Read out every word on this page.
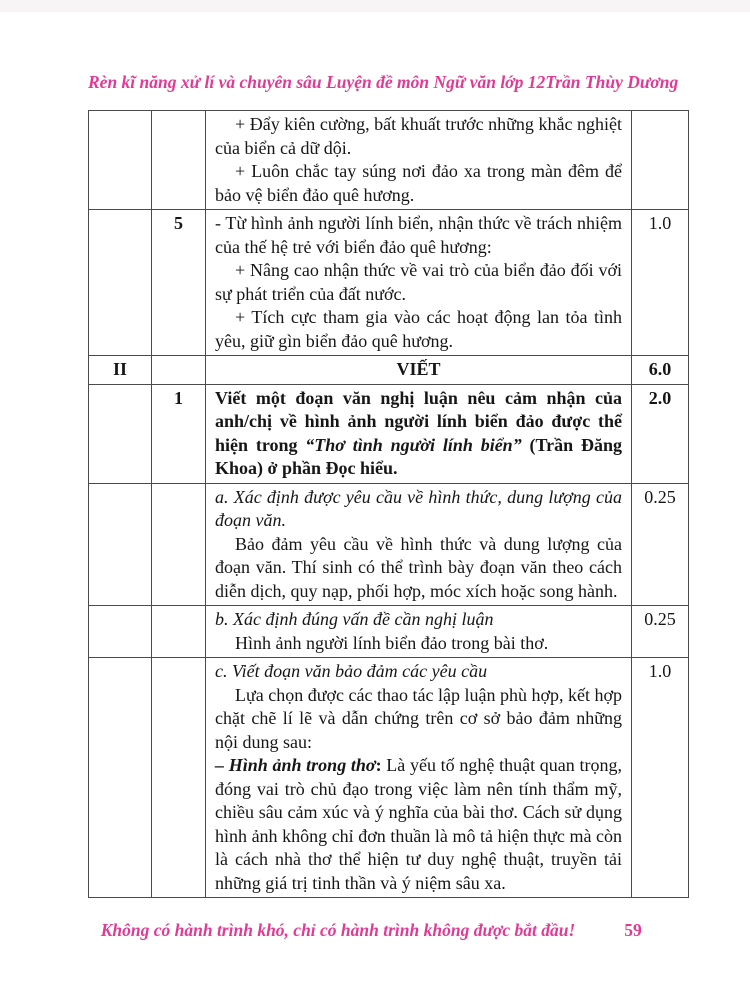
Rèn kĩ năng xử lí và chuyên sâu Luyện đề môn Ngữ văn lớp 12 Trần Thùy Dương

		+ Đẩy kiên cường, bất khuất trước những khắc nghiệt của biển cả dữ dội.

+ Luôn chắc tay súng nơi đảo xa trong màn đêm để bảo vệ biển đảo quê hương.	

	5	- Từ hình ảnh người lính biển, nhận thức về trách nhiệm của thế hệ trẻ với biển đảo quê hương:

+ Nâng cao nhận thức về vai trò của biển đảo đối với sự phát triển của đất nước.

+ Tích cực tham gia vào các hoạt động lan tỏa tình yêu, giữ gìn biển đảo quê hương.	1.0
II		VIẾT	6.0
	1	Viết một đoạn văn nghị luận nêu cảm nhận của anh/chị về hình ảnh người lính biển đảo được thể hiện trong “Thơ tình người lính biển” (Trần Đăng Khoa) ở phần Đọc hiểu.	2.0

		a. Xác định được yêu cầu về hình thức, dung lượng của đoạn văn.

Bảo đảm yêu cầu về hình thức và dung lượng của đoạn văn. Thí sinh có thể trình bày đoạn văn theo cách diễn dịch, quy nạp, phối hợp, móc xích hoặc song hành.	0.25

		b. Xác định đúng vấn đề cần nghị luận

Hình ảnh người lính biển đảo trong bài thơ.	0.25

		c. Viết đoạn văn bảo đảm các yêu cầu

Lựa chọn được các thao tác lập luận phù hợp, kết hợp chặt chẽ lí lẽ và dẫn chứng trên cơ sở bảo đảm những nội dung sau:

– Hình ảnh trong thơ: Là yếu tố nghệ thuật quan trọng, đóng vai trò chủ đạo trong việc làm nên tính thẩm mỹ, chiều sâu cảm xúc và ý nghĩa của bài thơ. Cách sử dụng hình ảnh không chỉ đơn thuần là mô tả hiện thực mà còn là cách nhà thơ thể hiện tư duy nghệ thuật, truyền tải những giá trị tinh thần và ý niệm sâu xa.	1.0
Không có hành trình khó, chỉ có hành trình không được bắt đầu!	59
